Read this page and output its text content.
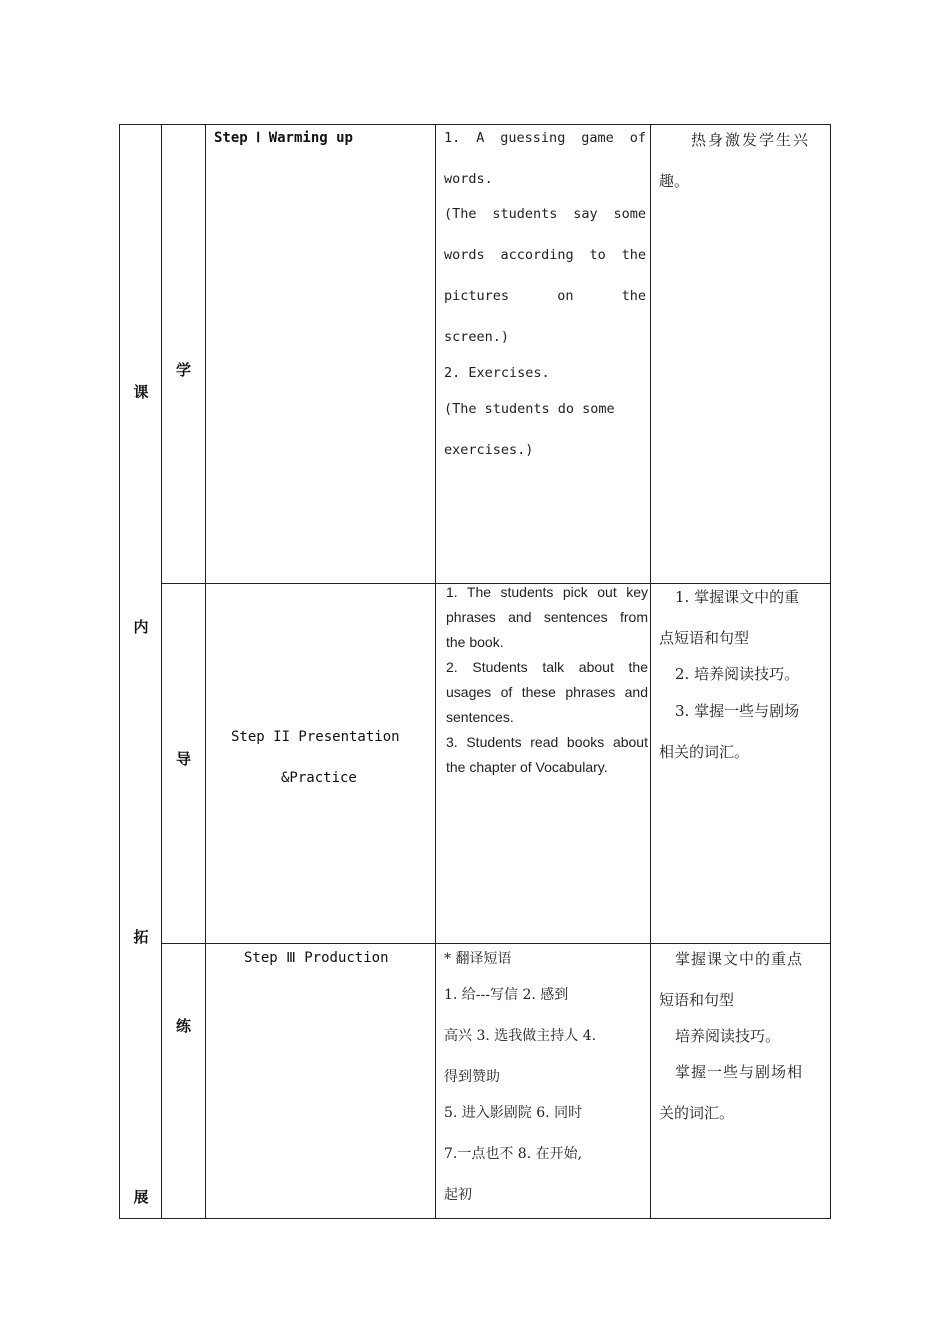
课
内
拓
展
学
导
练
Step Ⅰ Warming up	1. A guessing game of

words.

(The students say some

words according to the

pictures on the

screen.)

2. Exercises.

(The students do some

exercises.)

热身激发学生兴

趣。

Step II Presentation
&Practice

1. The students pick out key

phrases and sentences from

the book.

2. Students talk about the

usages of these phrases and

sentences.

3. Students read books about

the chapter of Vocabulary.

1. 掌握课文中的重

点短语和句型

2. 培养阅读技巧。

3. 掌握一些与剧场

相关的词汇。

Step Ⅲ Production	* 翻译短语

1. 给---写信 2. 感到

高兴 3. 选我做主持人 4.

得到赞助

5. 进入影剧院 6. 同时

7.一点也不 8. 在开始,

起初

掌握课文中的重点

短语和句型

培养阅读技巧。

掌握一些与剧场相

关的词汇。
